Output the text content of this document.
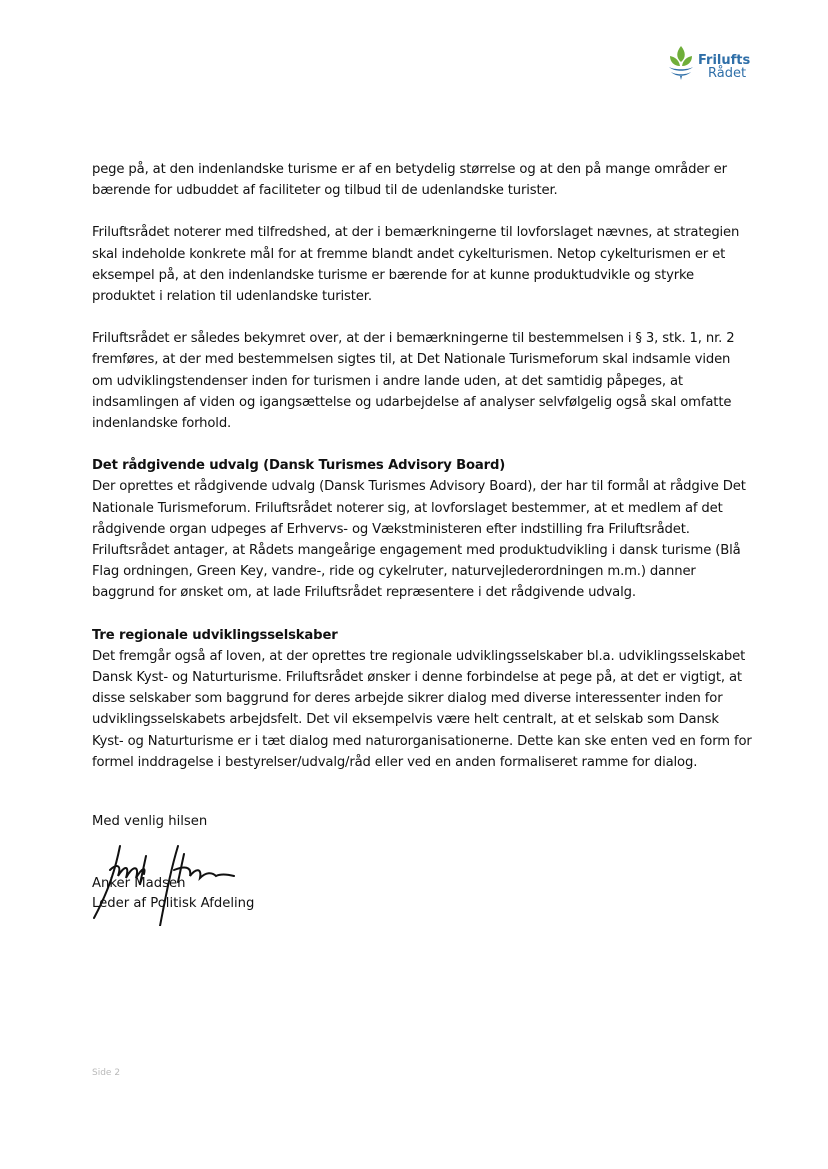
Frilufts
Rådet

pege på, at den indenlandske turisme er af en betydelig størrelse og at den på mange områder er bærende for udbuddet af faciliteter og tilbud til de udenlandske turister.

Friluftsrådet noterer med tilfredshed, at der i bemærkningerne til lovforslaget nævnes, at strategien skal indeholde konkrete mål for at fremme blandt andet cykelturismen. Netop cykelturismen er et eksempel på, at den indenlandske turisme er bærende for at kunne produktudvikle og styrke produktet i relation til udenlandske turister.

Friluftsrådet er således bekymret over, at der i bemærkningerne til bestemmelsen i § 3, stk. 1, nr. 2 fremføres, at der med bestemmelsen sigtes til, at Det Nationale Turismeforum skal indsamle viden om udviklingstendenser inden for turismen i andre lande uden, at det samtidig påpeges, at indsamlingen af viden og igangsættelse og udarbejdelse af analyser selvfølgelig også skal omfatte indenlandske forhold.

Det rådgivende udvalg (Dansk Turismes Advisory Board)

Der oprettes et rådgivende udvalg (Dansk Turismes Advisory Board), der har til formål at rådgive Det Nationale Turismeforum. Friluftsrådet noterer sig, at lovforslaget bestemmer, at et medlem af det rådgivende organ udpeges af Erhvervs- og Vækstministeren efter indstilling fra Friluftsrådet. Friluftsrådet antager, at Rådets mangeårige engagement med produktudvikling i dansk turisme (Blå Flag ordningen, Green Key, vandre-, ride og cykelruter, naturvejlederordningen m.m.) danner baggrund for ønsket om, at lade Friluftsrådet repræsentere i det rådgivende udvalg.

Tre regionale udviklingsselskaber

Det fremgår også af loven, at der oprettes tre regionale udviklingsselskaber bl.a. udviklingsselskabet Dansk Kyst- og Naturturisme. Friluftsrådet ønsker i denne forbindelse at pege på, at det er vigtigt, at disse selskaber som baggrund for deres arbejde sikrer dialog med diverse interessenter inden for udviklingsselskabets arbejdsfelt. Det vil eksempelvis være helt centralt, at et selskab som Dansk Kyst- og Naturturisme er i tæt dialog med naturorganisationerne. Dette kan ske enten ved en form for formel inddragelse i bestyrelser/udvalg/råd eller ved en anden formaliseret ramme for dialog.

Med venlig hilsen
Anker Madsen
Leder af Politisk Afdeling
Side 2
